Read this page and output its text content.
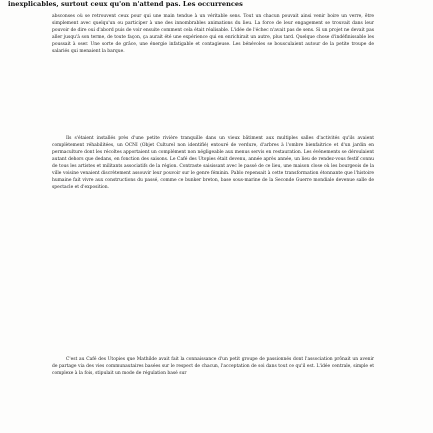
inexplicables, surtout ceux qu'on n'attend pas. Les occurrences

absconses où se retrouvent ceux pour qui une main tendue à un véritable sens. Tout un chacun pouvait ainsi venir boire un verre, être simplement avec quelqu'un ou participer à une des innombrables animations du lieu. La force de leur engagement se trouvait dans leur pouvoir de dire oui d'abord puis de voir ensuite comment cela était réalisable. L'idée de l'échec n'avait pas de sens. Si un projet ne devait pas aller jusqu'à son terme, de toute façon, ça aurait été une expérience qui en enrichirait un autre, plus tard. Quelque chose d'indéfinissable les poussait à oser. Une sorte de grâce, une énergie infatigable et contagieuse. Les bénévoles se bousculaient autour de la petite troupe de salariés qui menaient la barque.

Ils s'étaient installés près d'une petite rivière tranquille dans un vieux bâtiment aux multiples salles d'activités qu'ils avaient complètement réhabilitées, un OCNI (Objet Culturel non identifié) entouré de verdure, d'arbres à l'ombre bienfaitrice et d'un jardin en permaculture dont les récoltes apportaient un complément non négligeable aux menus servis en restauration. Les événements se déroulaient autant dehors que dedans, en fonction des saisons. Le Café des Utopies était devenu, année après année, un lieu de rendez-vous festif connu de tous les artistes et militants associatifs de la région. Contraste saisissant avec le passé de ce lieu, une maison close où les bourgeois de la ville voisine venaient discrètement assouvir leur pouvoir sur le genre féminin. Pablo repensait à cette transformation étonnante que l'histoire humaine fait vivre aux constructions du passé, comme ce bunker breton, base sous-marine de la Seconde Guerre mondiale devenue salle de spectacle et d'exposition.

C'est au Café des Utopies que Mathilde avait fait la connaissance d'un petit groupe de passionnés dont l'association prônait un avenir de partage via des vies communautaires basées sur le respect de chacun, l'acceptation de soi dans tout ce qu'il est. L'idée centrale, simple et complexe à la fois, stipulait un mode de régulation basé sur
